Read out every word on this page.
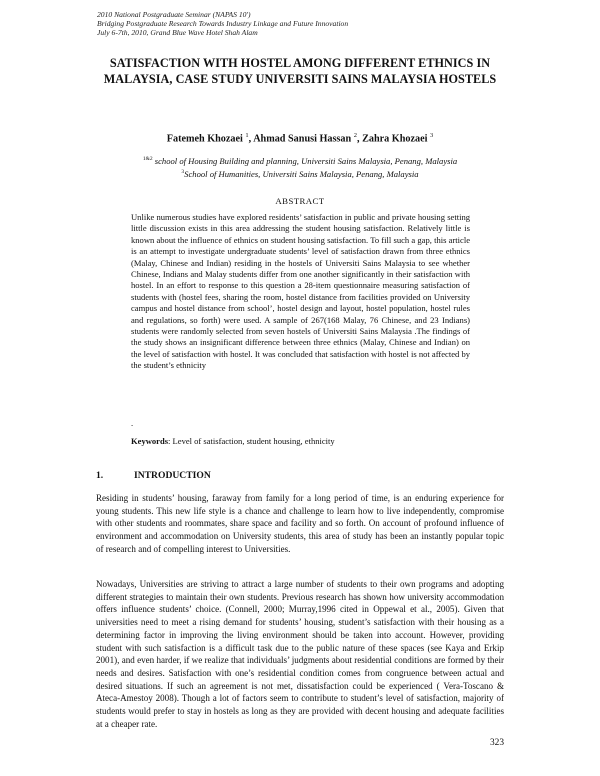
2010 National Postgraduate Seminar (NAPAS 10')
Bridging Postgraduate Research Towards Industry Linkage and Future Innovation
July 6-7th, 2010, Grand Blue Wave Hotel Shah Alam
SATISFACTION WITH HOSTEL AMONG DIFFERENT ETHNICS IN MALAYSIA, CASE STUDY UNIVERSITI SAINS MALAYSIA HOSTELS
Fatemeh Khozaei $^1$, Ahmad Sanusi Hassan $^2$, Zahra Khozaei $^3$
$^{1\&2}$ school of Housing Building and planning, Universiti Sains Malaysia, Penang, Malaysia
$^3$School of Humanities, Universiti Sains Malaysia, Penang, Malaysia
ABSTRACT
Unlike numerous studies have explored residents’ satisfaction in public and private housing setting little discussion exists in this area addressing the student housing satisfaction. Relatively little is known about the influence of ethnics on student housing satisfaction. To fill such a gap, this article is an attempt to investigate undergraduate students’ level of satisfaction drawn from three ethnics (Malay, Chinese and Indian) residing in the hostels of Universiti Sains Malaysia to see whether Chinese, Indians and Malay students differ from one another significantly in their satisfaction with hostel. In an effort to response to this question a 28-item questionnaire measuring satisfaction of students with (hostel fees, sharing the room, hostel distance from facilities provided on University campus and hostel distance from school’, hostel design and layout, hostel population, hostel rules and regulations, so forth) were used. A sample of 267(168 Malay, 76 Chinese, and 23 Indians) students were randomly selected from seven hostels of Universiti Sains Malaysia .The findings of the study shows an insignificant difference between three ethnics (Malay, Chinese and Indian) on the level of satisfaction with hostel. It was concluded that satisfaction with hostel is not affected by the student’s ethnicity
.
Keywords: Level of satisfaction, student housing, ethnicity
1.	INTRODUCTION
Residing in students’ housing, faraway from family for a long period of time, is an enduring experience for young students. This new life style is a chance and challenge to learn how to live independently, compromise with other students and roommates, share space and facility and so forth. On account of profound influence of environment and accommodation on University students, this area of study has been an instantly popular topic of research and of compelling interest to Universities.
Nowadays, Universities are striving to attract a large number of students to their own programs and adopting different strategies to maintain their own students. Previous research has shown how university accommodation offers influence students’ choice. (Connell, 2000; Murray,1996 cited in Oppewal et al., 2005). Given that universities need to meet a rising demand for students’ housing, student’s satisfaction with their housing as a determining factor in improving the living environment should be taken into account. However, providing student with such satisfaction is a difficult task due to the public nature of these spaces (see Kaya and Erkip 2001), and even harder, if we realize that individuals’ judgments about residential conditions are formed by their needs and desires. Satisfaction with one’s residential condition comes from congruence between actual and desired situations. If such an agreement is not met, dissatisfaction could be experienced ( Vera-Toscano & Ateca-Amestoy 2008). Though a lot of factors seem to contribute to student’s level of satisfaction, majority of students would prefer to stay in hostels as long as they are provided with decent housing and adequate facilities at a cheaper rate.
323
